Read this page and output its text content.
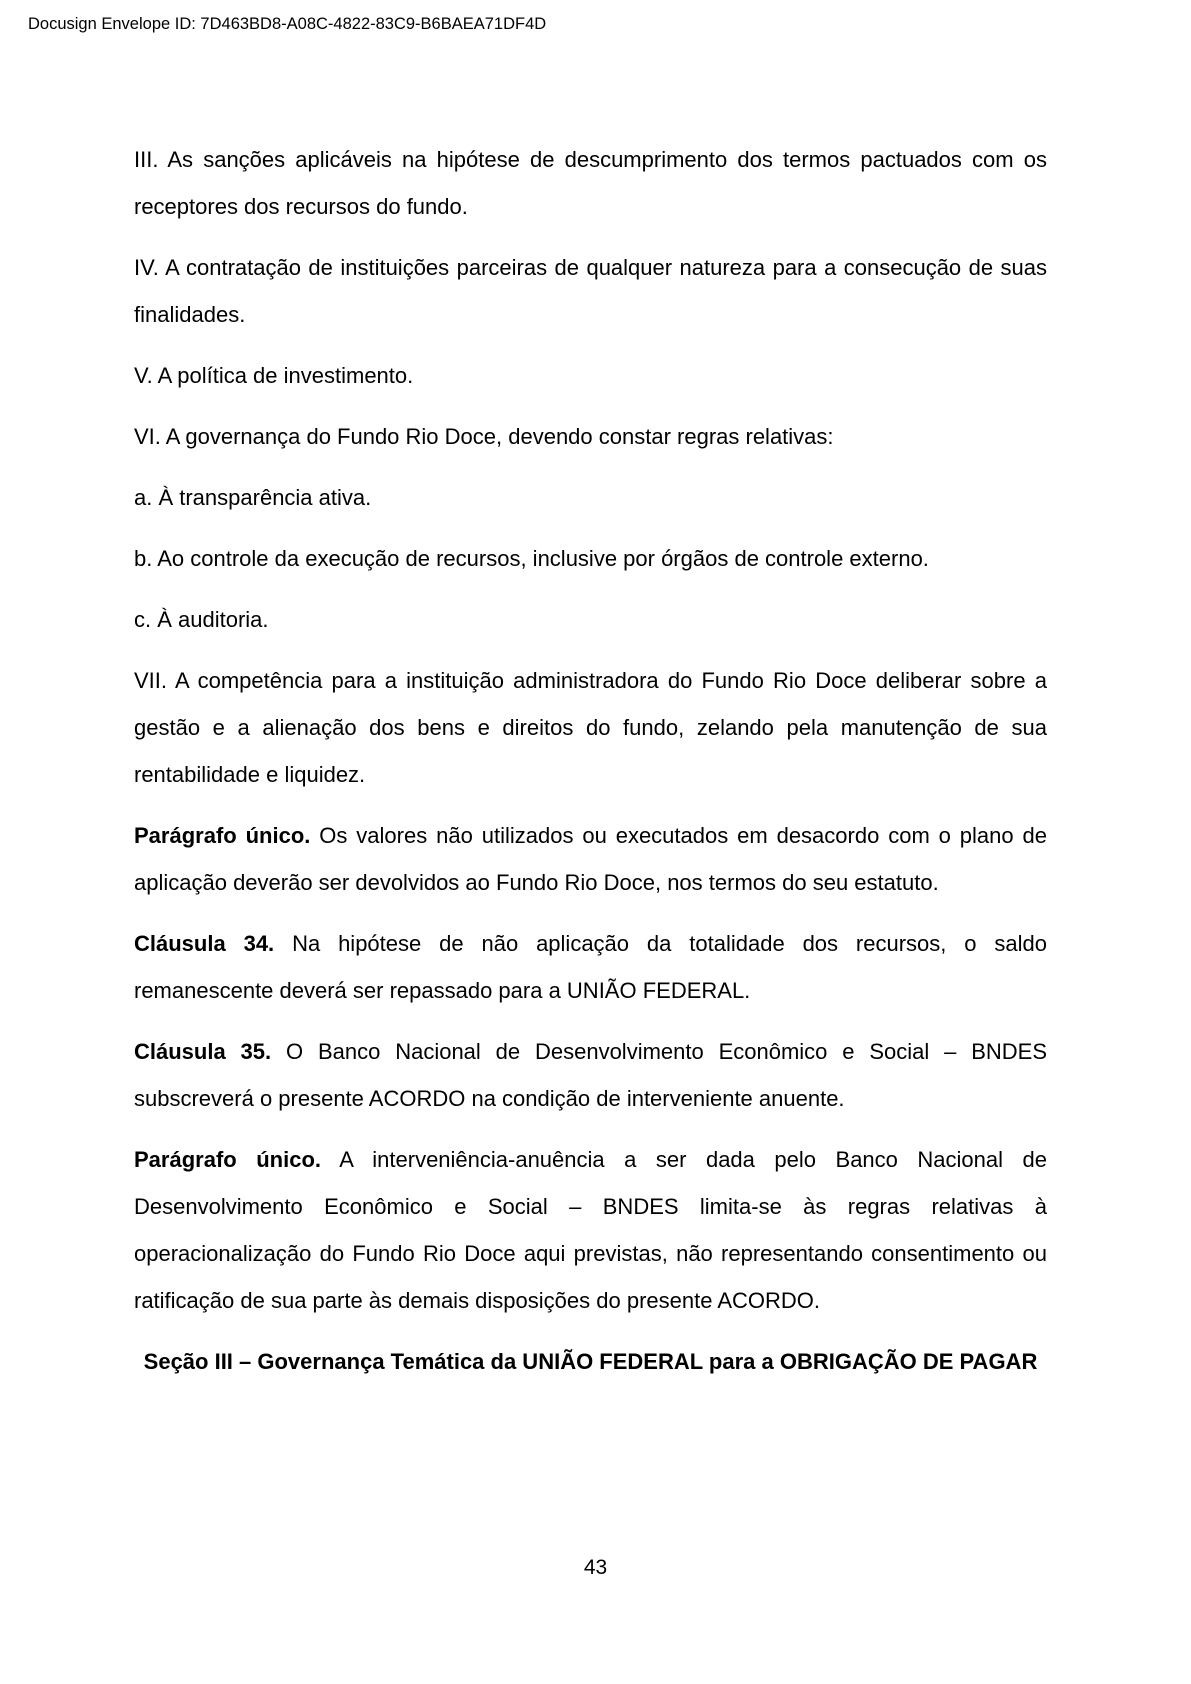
Docusign Envelope ID: 7D463BD8-A08C-4822-83C9-B6BAEA71DF4D

III. As sanções aplicáveis na hipótese de descumprimento dos termos pactuados com os receptores dos recursos do fundo.

IV. A contratação de instituições parceiras de qualquer natureza para a consecução de suas finalidades.

V. A política de investimento.

VI. A governança do Fundo Rio Doce, devendo constar regras relativas:

a. À transparência ativa.

b. Ao controle da execução de recursos, inclusive por órgãos de controle externo.

c. À auditoria.

VII. A competência para a instituição administradora do Fundo Rio Doce deliberar sobre a gestão e a alienação dos bens e direitos do fundo, zelando pela manutenção de sua rentabilidade e liquidez.

Parágrafo único. Os valores não utilizados ou executados em desacordo com o plano de aplicação deverão ser devolvidos ao Fundo Rio Doce, nos termos do seu estatuto.

Cláusula 34. Na hipótese de não aplicação da totalidade dos recursos, o saldo remanescente deverá ser repassado para a UNIÃO FEDERAL.

Cláusula 35. O Banco Nacional de Desenvolvimento Econômico e Social – BNDES subscreverá o presente ACORDO na condição de interveniente anuente.

Parágrafo único. A interveniência-anuência a ser dada pelo Banco Nacional de Desenvolvimento Econômico e Social – BNDES limita-se às regras relativas à operacionalização do Fundo Rio Doce aqui previstas, não representando consentimento ou ratificação de sua parte às demais disposições do presente ACORDO.

Seção III – Governança Temática da UNIÃO FEDERAL para a OBRIGAÇÃO DE PAGAR
43
